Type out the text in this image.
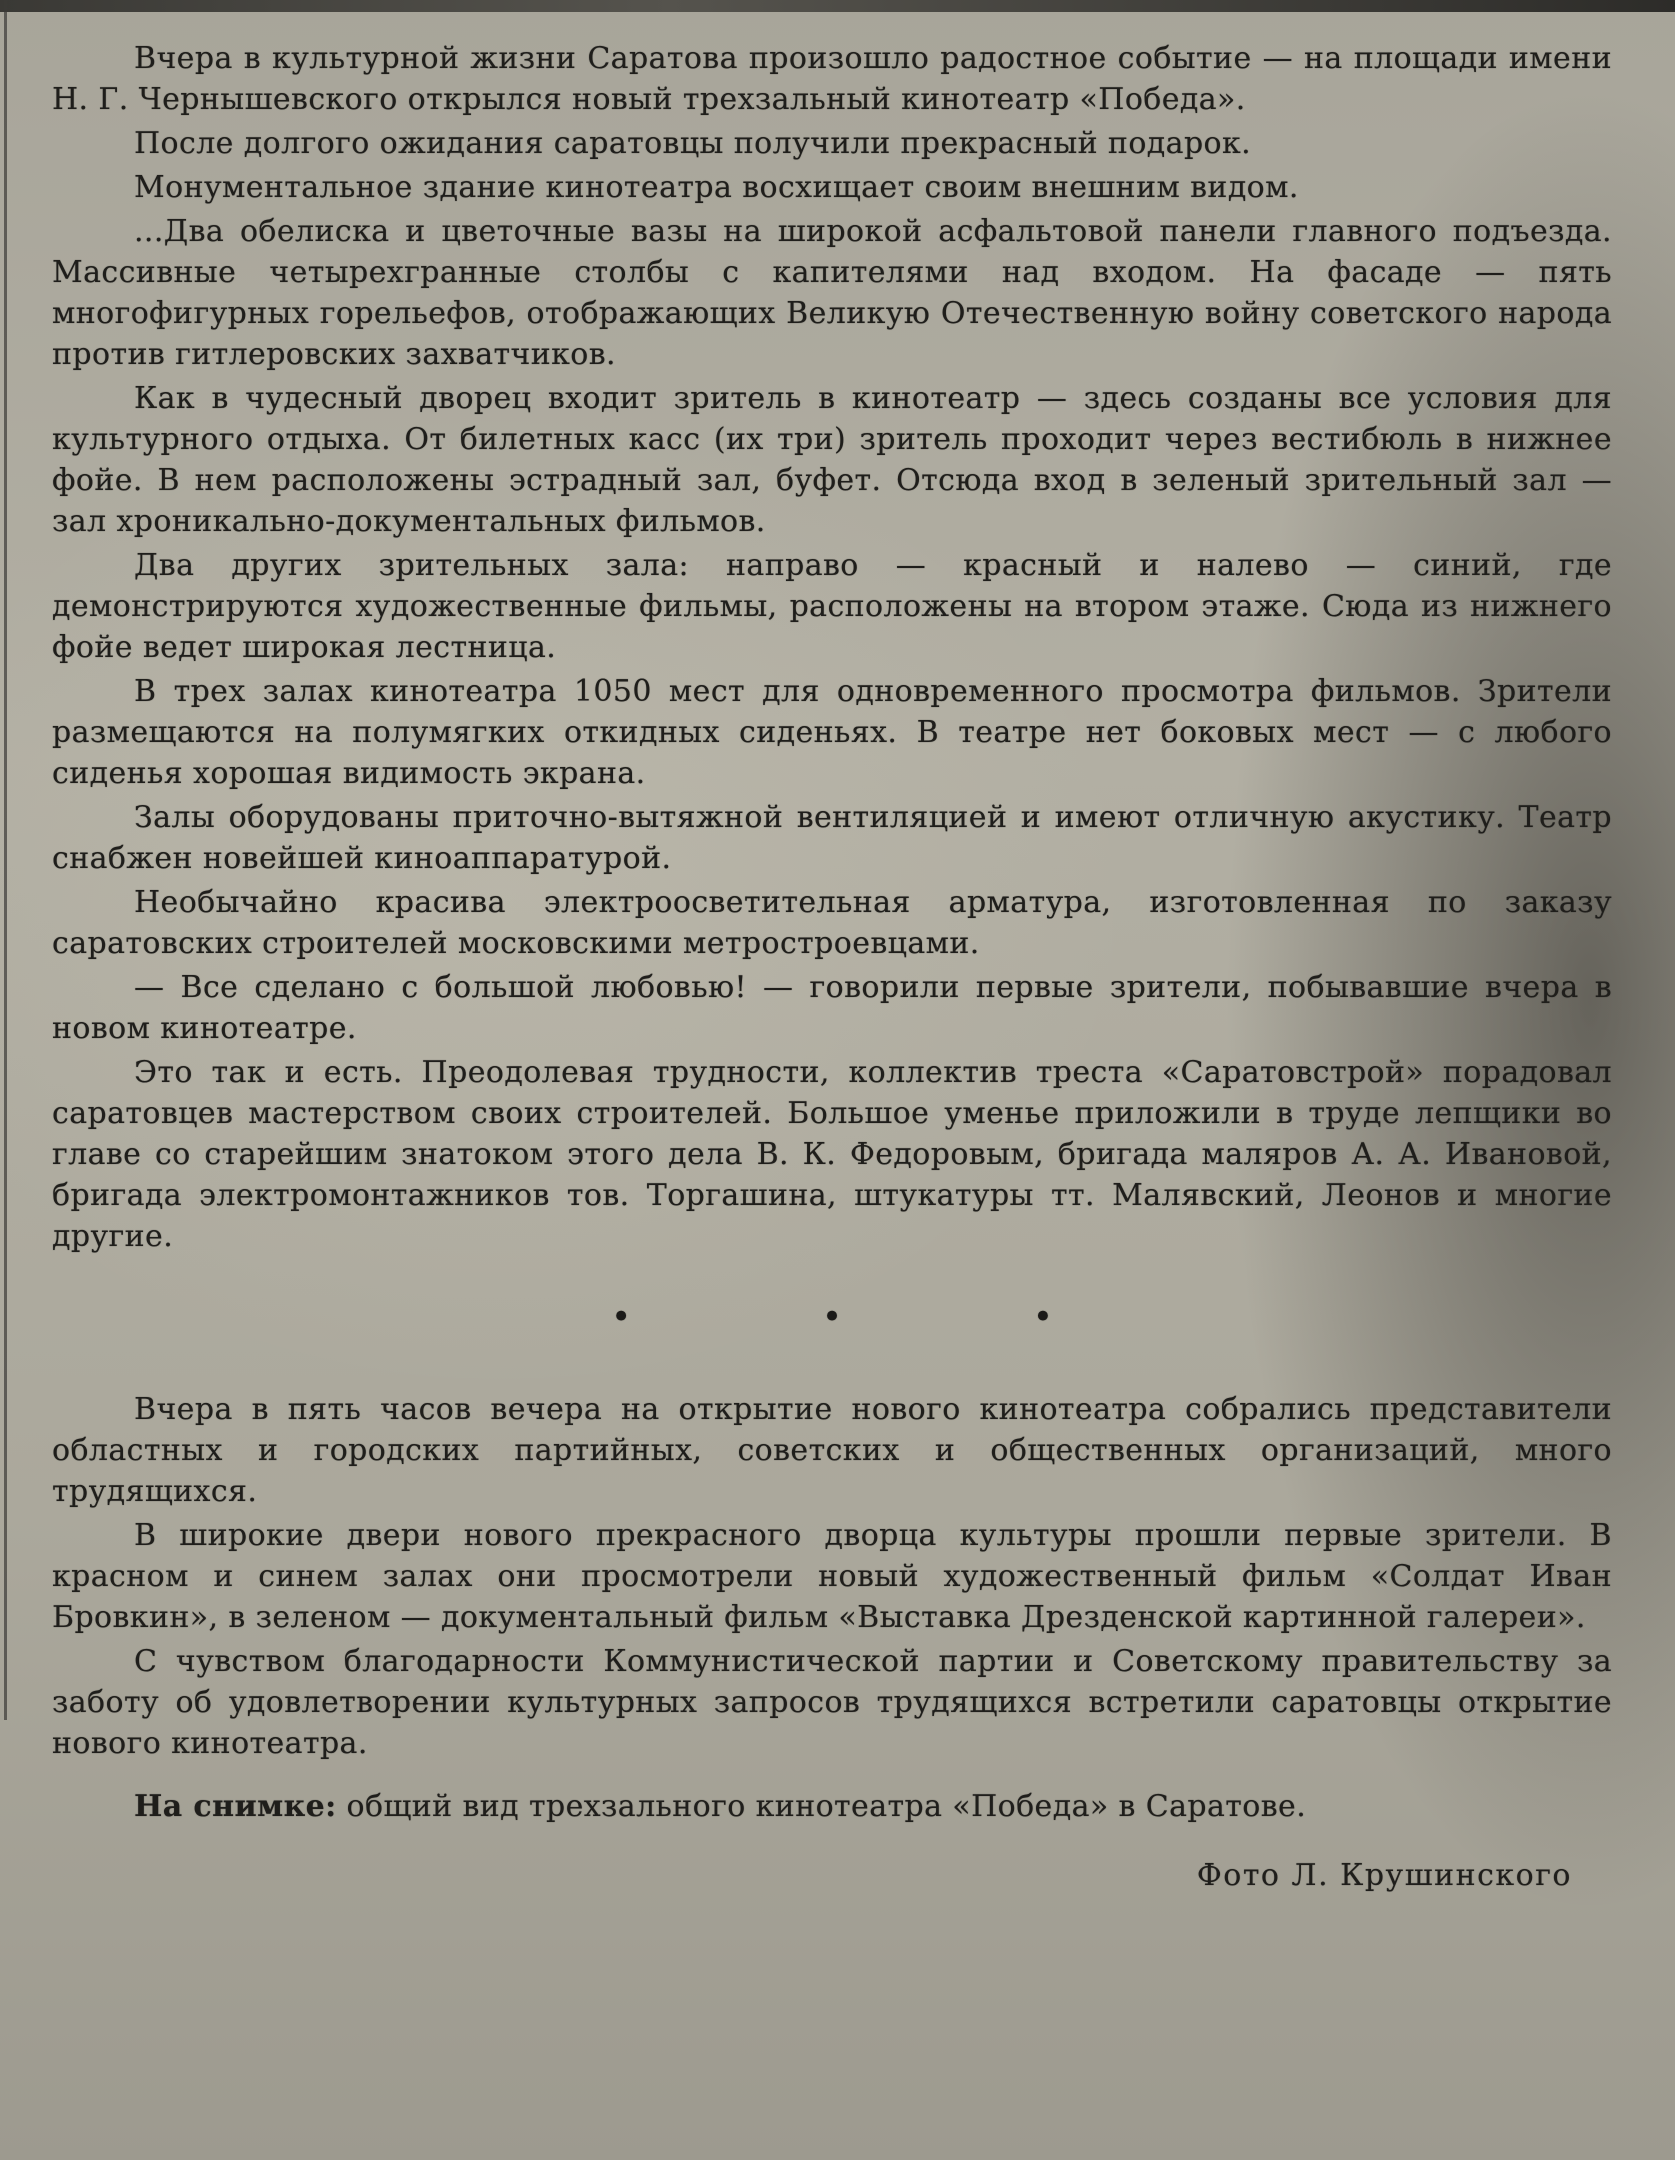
Вчера в культурной жизни Саратова произошло радостное событие — на площади имени Н. Г. Чернышевского открылся новый трехзальный кинотеатр «Победа».

После долгого ожидания саратовцы получили прекрасный подарок.

Монументальное здание кинотеатра восхищает своим внешним видом.

...Два обелиска и цветочные вазы на широкой асфальтовой панели главного подъезда. Массивные четырехгранные столбы с капителями над входом. На фасаде — пять многофигурных горельефов, отображающих Великую Отечественную войну советского народа против гитлеровских захватчиков.

Как в чудесный дворец входит зритель в кинотеатр — здесь созданы все условия для культурного отдыха. От билетных касс (их три) зритель проходит через вестибюль в нижнее фойе. В нем расположены эстрадный зал, буфет. Отсюда вход в зеленый зрительный зал — зал хроникально-документальных фильмов.

Два других зрительных зала: направо — красный и налево — синий, где демонстрируются художественные фильмы, расположены на втором этаже. Сюда из нижнего фойе ведет широкая лестница.

В трех залах кинотеатра 1050 мест для одновременного просмотра фильмов. Зрители размещаются на полумягких откидных сиденьях. В театре нет боковых мест — с любого сиденья хорошая видимость экрана.

Залы оборудованы приточно-вытяжной вентиляцией и имеют отличную акустику. Театр снабжен новейшей киноаппаратурой.

Необычайно красива электроосветительная арматура, изготовленная по заказу саратовских строителей московскими метростроевцами.

— Все сделано с большой любовью! — говорили первые зрители, побывавшие вчера в новом кинотеатре.

Это так и есть. Преодолевая трудности, коллектив треста «Саратовстрой» порадовал саратовцев мастерством своих строителей. Большое уменье приложили в труде лепщики во главе со старейшим знатоком этого дела В. К. Федоровым, бригада маляров А. А. Ивановой, бригада электромонтажников тов. Торгашина, штукатуры тт. Малявский, Леонов и многие другие.

• • •

Вчера в пять часов вечера на открытие нового кинотеатра собрались представители областных и городских партийных, советских и общественных организаций, много трудящихся.

В широкие двери нового прекрасного дворца культуры прошли первые зрители. В красном и синем залах они просмотрели новый художественный фильм «Солдат Иван Бровкин», в зеленом — документальный фильм «Выставка Дрезденской картинной галереи».

С чувством благодарности Коммунистической партии и Советскому правительству за заботу об удовлетворении культурных запросов трудящихся встретили саратовцы открытие нового кинотеатра.

На снимке: общий вид трехзального кинотеатра «Победа» в Саратове.

Фото Л. Крушинского
